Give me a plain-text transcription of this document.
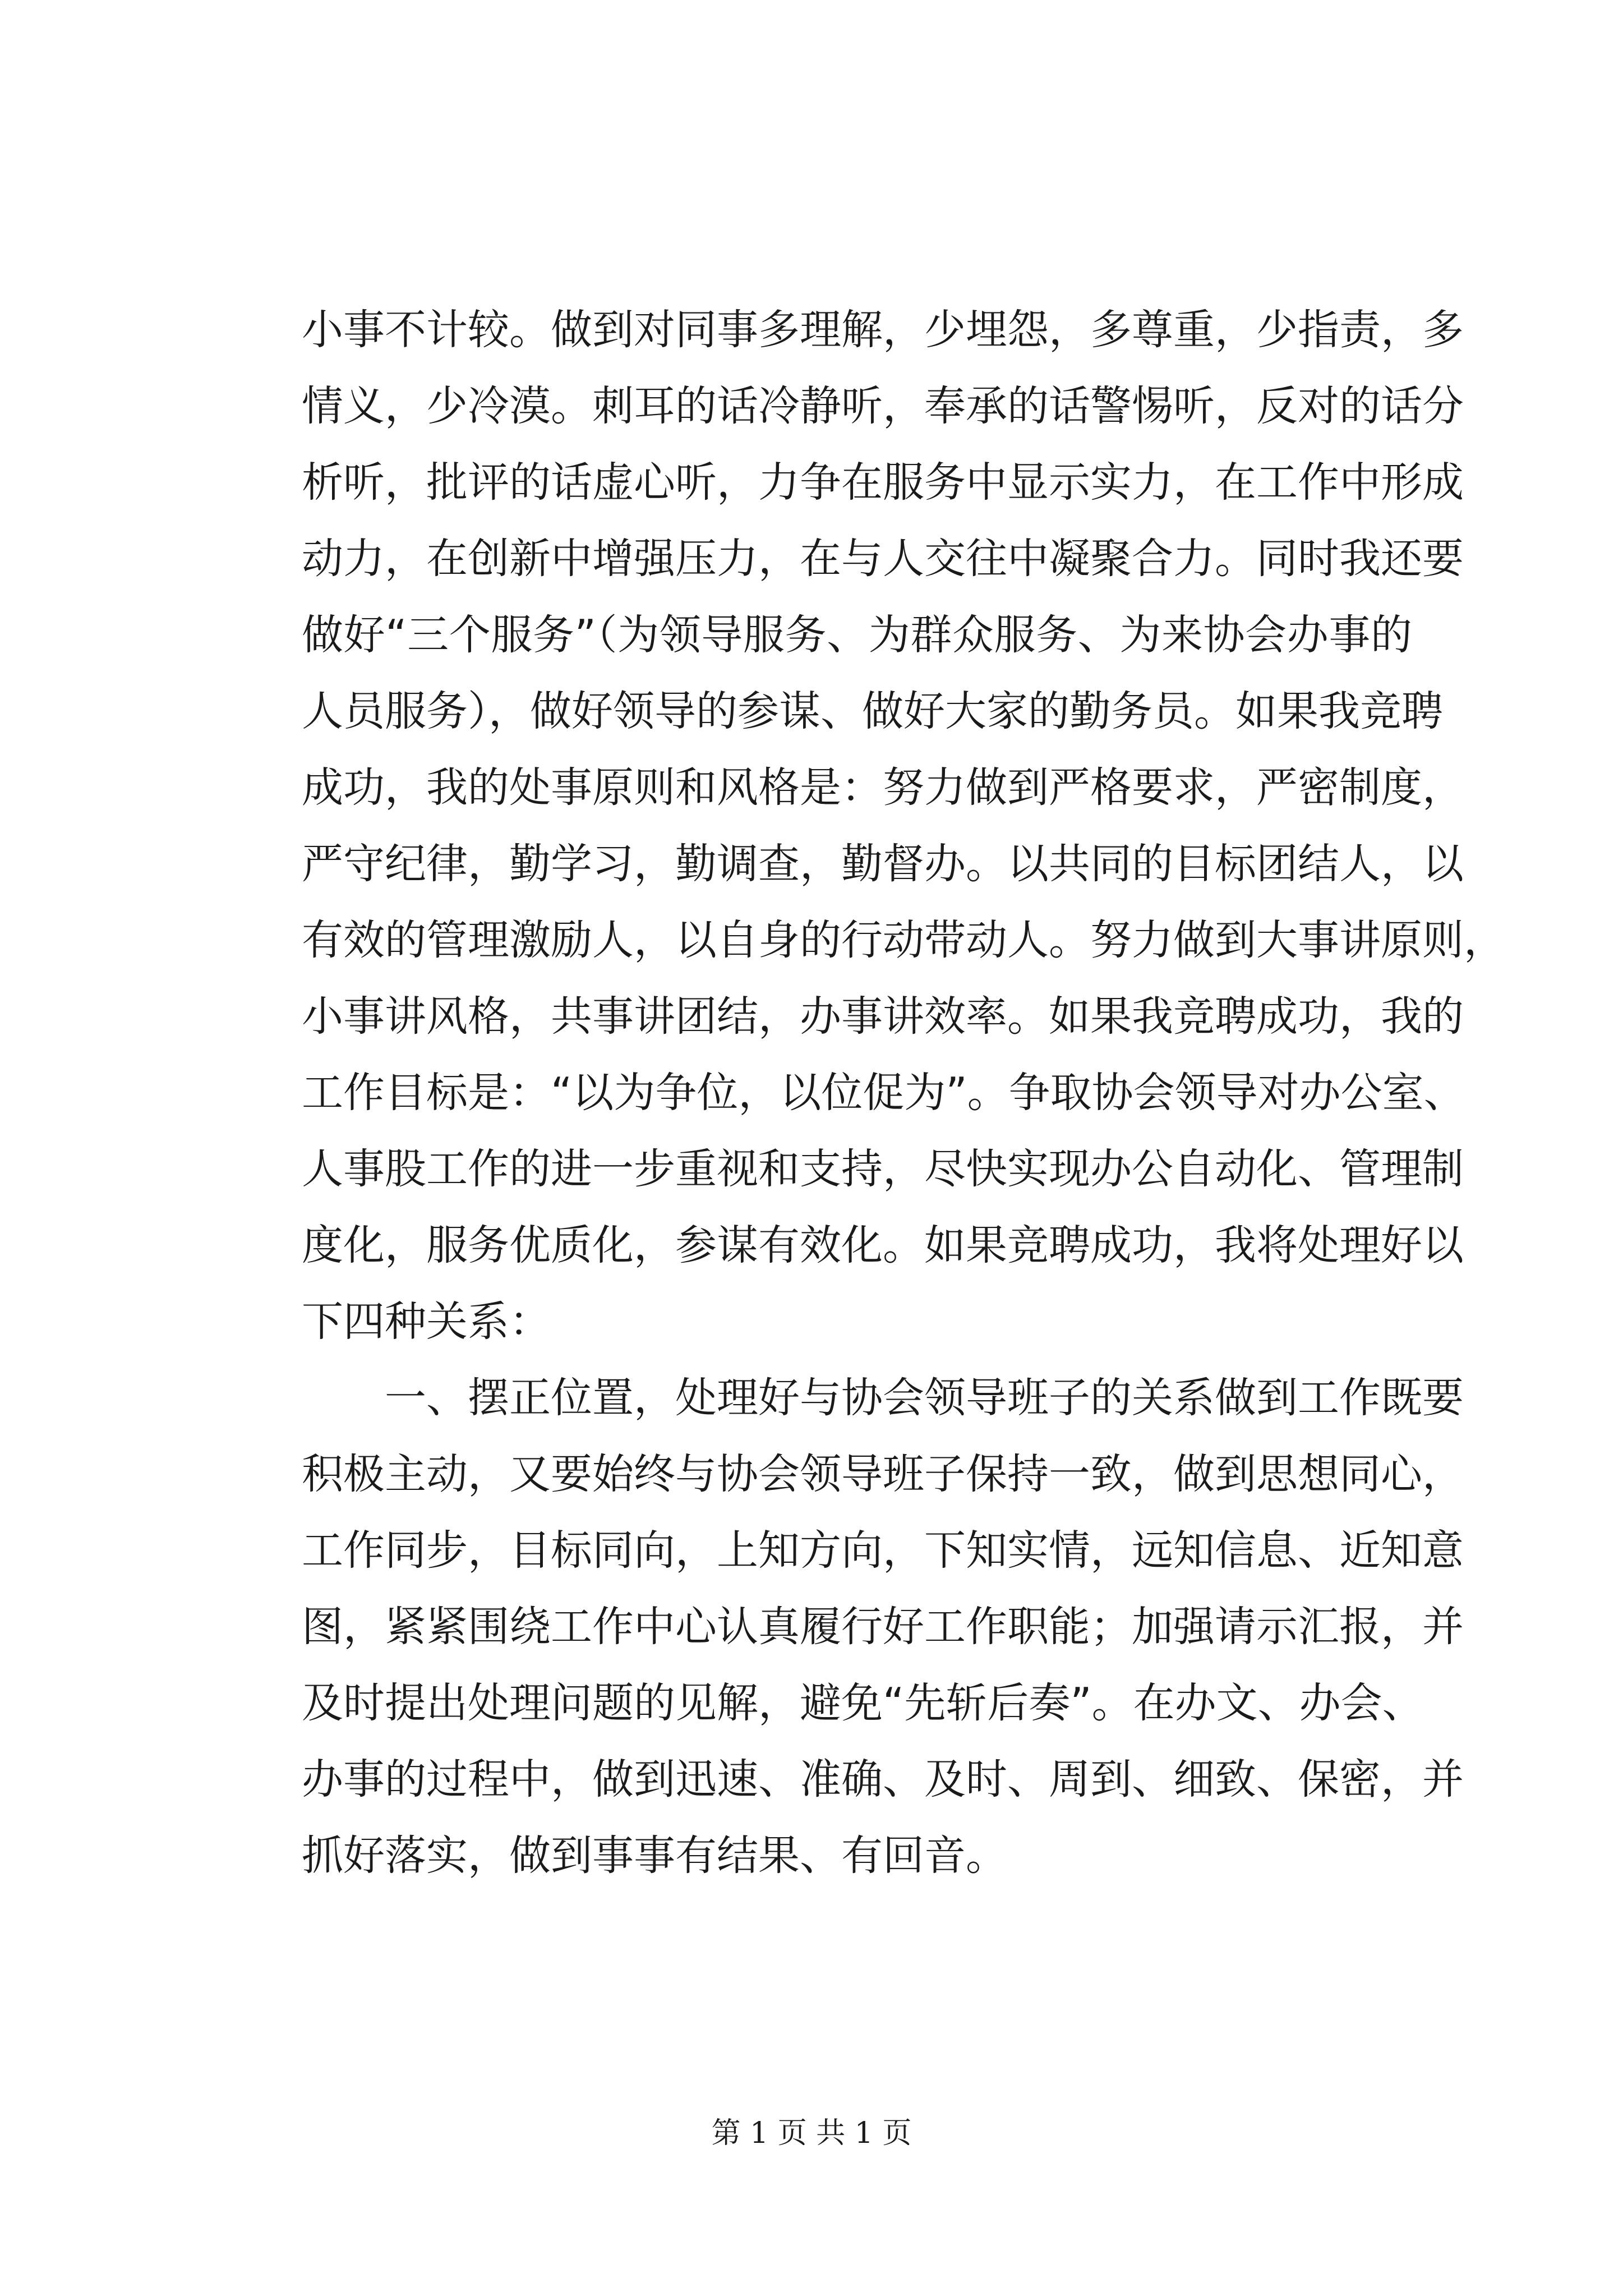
小事不计较。做到对同事多理解，少埋怨，多尊重，少指责，多
情义，少冷漠。刺耳的话冷静听，奉承的话警惕听，反对的话分
析听，批评的话虚心听，力争在服务中显示实力，在工作中形成
动力，在创新中增强压力，在与人交往中凝聚合力。同时我还要
做好“三个服务”（为领导服务、为群众服务、为来协会办事的
人员服务），做好领导的参谋、做好大家的勤务员。如果我竞聘
成功，我的处事原则和风格是：努力做到严格要求，严密制度，
严守纪律，勤学习，勤调查，勤督办。以共同的目标团结人，以
有效的管理激励人，以自身的行动带动人。努力做到大事讲原则，
小事讲风格，共事讲团结，办事讲效率。如果我竞聘成功，我的
工作目标是：“以为争位，以位促为”。争取协会领导对办公室、
人事股工作的进一步重视和支持，尽快实现办公自动化、管理制
度化，服务优质化，参谋有效化。如果竞聘成功，我将处理好以
下四种关系：
一、摆正位置，处理好与协会领导班子的关系做到工作既要
积极主动，又要始终与协会领导班子保持一致，做到思想同心，
工作同步，目标同向，上知方向，下知实情，远知信息、近知意
图，紧紧围绕工作中心认真履行好工作职能；加强请示汇报，并
及时提出处理问题的见解，避免“先斩后奏”。在办文、办会、
办事的过程中，做到迅速、准确、及时、周到、细致、保密，并
抓好落实，做到事事有结果、有回音。
第 1 页 共 1 页
